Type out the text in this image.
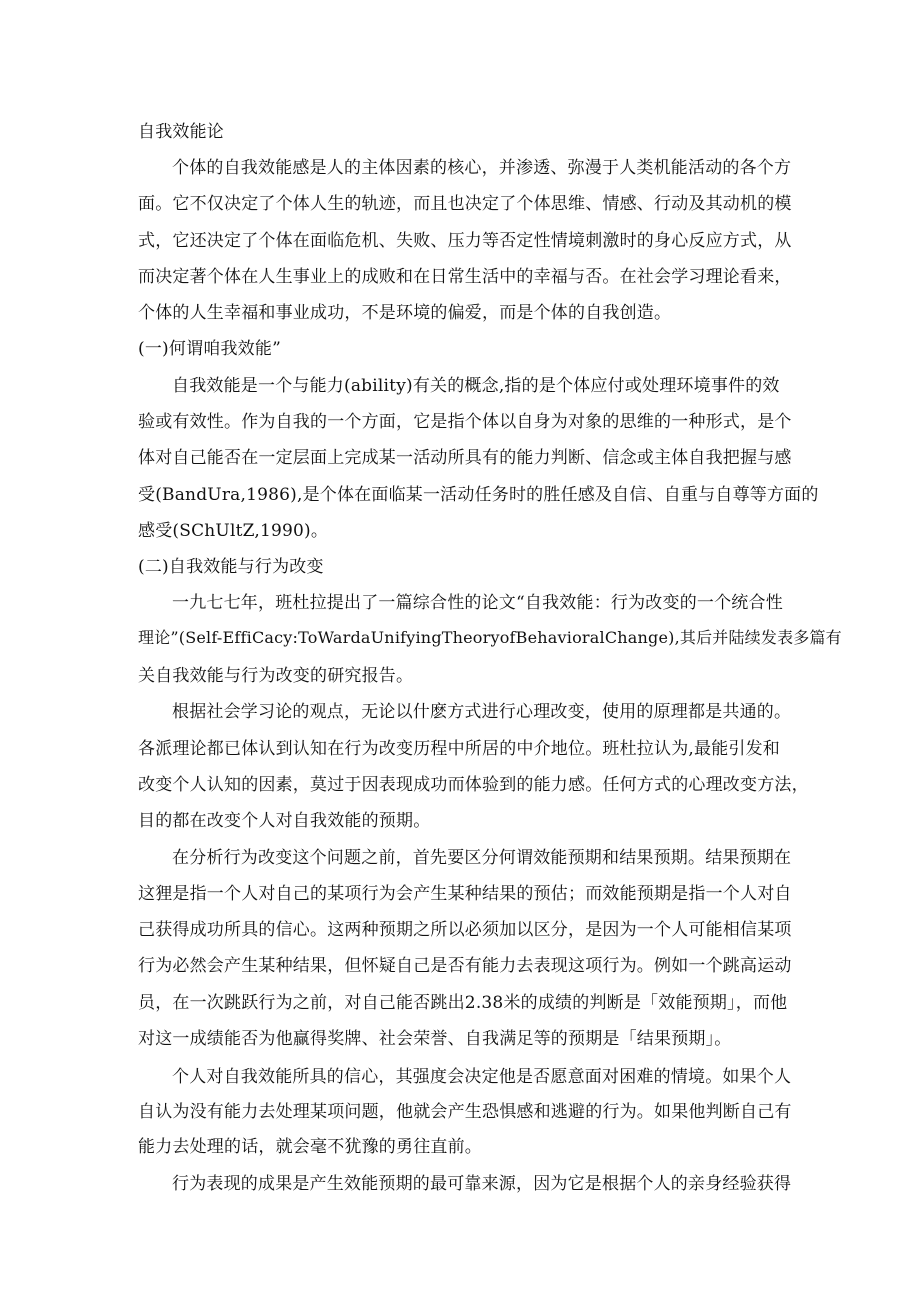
自我效能论
个体的自我效能感是人的主体因素的核心，并渗透、弥漫于人类机能活动的各个方
面。它不仅决定了个体人生的轨迹，而且也决定了个体思维、情感、行动及其动机的模
式，它还决定了个体在面临危机、失败、压力等否定性情境刺激时的身心反应方式，从
而决定著个体在人生事业上的成败和在日常生活中的幸福与否。在社会学习理论看来，
个体的人生幸福和事业成功，不是环境的偏爱，而是个体的自我创造。
(一)何谓咱我效能”
自我效能是一个与能力(ability)有关的概念,指的是个体应付或处理环境事件的效
验或有效性。作为自我的一个方面，它是指个体以自身为对象的思维的一种形式，是个
体对自己能否在一定层面上完成某一活动所具有的能力判断、信念或主体自我把握与感
受(BandUra,1986),是个体在面临某一活动任务时的胜任感及自信、自重与自尊等方面的
感受(SChUltZ,1990)。
(二)自我效能与行为改变
一九七七年，班杜拉提出了一篇综合性的论文“自我效能：行为改变的一个统合性
理论”(Self-EffiCacy:ToWardaUnifyingTheoryofBehavioralChange),其后并陆续发表多篇有
关自我效能与行为改变的研究报告。
根据社会学习论的观点，无论以什麽方式进行心理改变，使用的原理都是共通的。
各派理论都已体认到认知在行为改变历程中所居的中介地位。班杜拉认为,最能引发和
改变个人认知的因素，莫过于因表现成功而体验到的能力感。任何方式的心理改变方法，
目的都在改变个人对自我效能的预期。
在分析行为改变这个问题之前，首先要区分何谓效能预期和结果预期。结果预期在
这狸是指一个人对自己的某项行为会产生某种结果的预估；而效能预期是指一个人对自
己获得成功所具的信心。这两种预期之所以必须加以区分，是因为一个人可能相信某项
行为必然会产生某种结果，但怀疑自己是否有能力去表现这项行为。例如一个跳高运动
员，在一次跳跃行为之前，对自己能否跳出2.38米的成绩的判断是「效能预期」，而他
对这一成绩能否为他赢得奖牌、社会荣誉、自我满足等的预期是「结果预期」。
个人对自我效能所具的信心，其强度会决定他是否愿意面对困难的情境。如果个人
自认为没有能力去处理某项问题，他就会产生恐惧感和逃避的行为。如果他判断自己有
能力去处理的话，就会毫不犹豫的勇往直前。
行为表现的成果是产生效能预期的最可靠来源，因为它是根据个人的亲身经验获得
